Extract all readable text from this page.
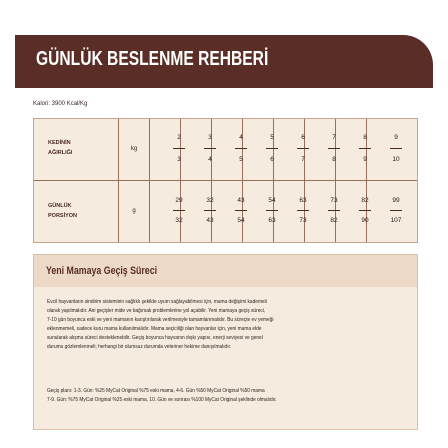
GÜNLÜK BESLENME REHBERİ
Kalori: 3900 Kcal/Kg
KEDİNİN
AĞIRLIĞI
kg
2
3
3
4
4
5
5
6
6
7
7
8
8
9
9
10
GÜNLÜK
PORSİYON
g
29
32
32
43
43
54
54
63
63
73
73
82
82
90
99
107
Yeni Mamaya Geçiş Süreci

Evcil hayvanların sindirim sisteminin sağlıklı şekilde uyum sağlayabilmesi için, mama değişimi kademeli

olarak yapılmalıdır. Ani geçişler mide ve bağırsak problemlerine yol açabilir. Yeni mamaya geçiş süreci,

7-10 gün boyunca eski ve yeni mamanın karıştırılarak verilmesiyle tamamlanmalıdır. Bu süreçte ev yemeği

eklenmemeli, sadece kuru mama kullanılmalıdır. Mama seçiciliği olan hayvanlar için, yeni mama elde

sunularak alışma süreci desteklenebilir. Geçiş boyunca hayvanın dışkı yapısı, enerji seviyesi ve genel

durumu gözlemlenmeli; herhangi bir olumsuz durumda veteriner hekime danışılmalıdır.

Geçiş planı: 1-3. Gün: %25 MyCat Original %75 eski mama, 4-6. Gün %50 MyCat Original %50 mama

7-9. Gün: %75 MyCat Original %25 eski mama, 10. Gün ve sonrası %100 MyCat Original şeklinde olmalıdır.
